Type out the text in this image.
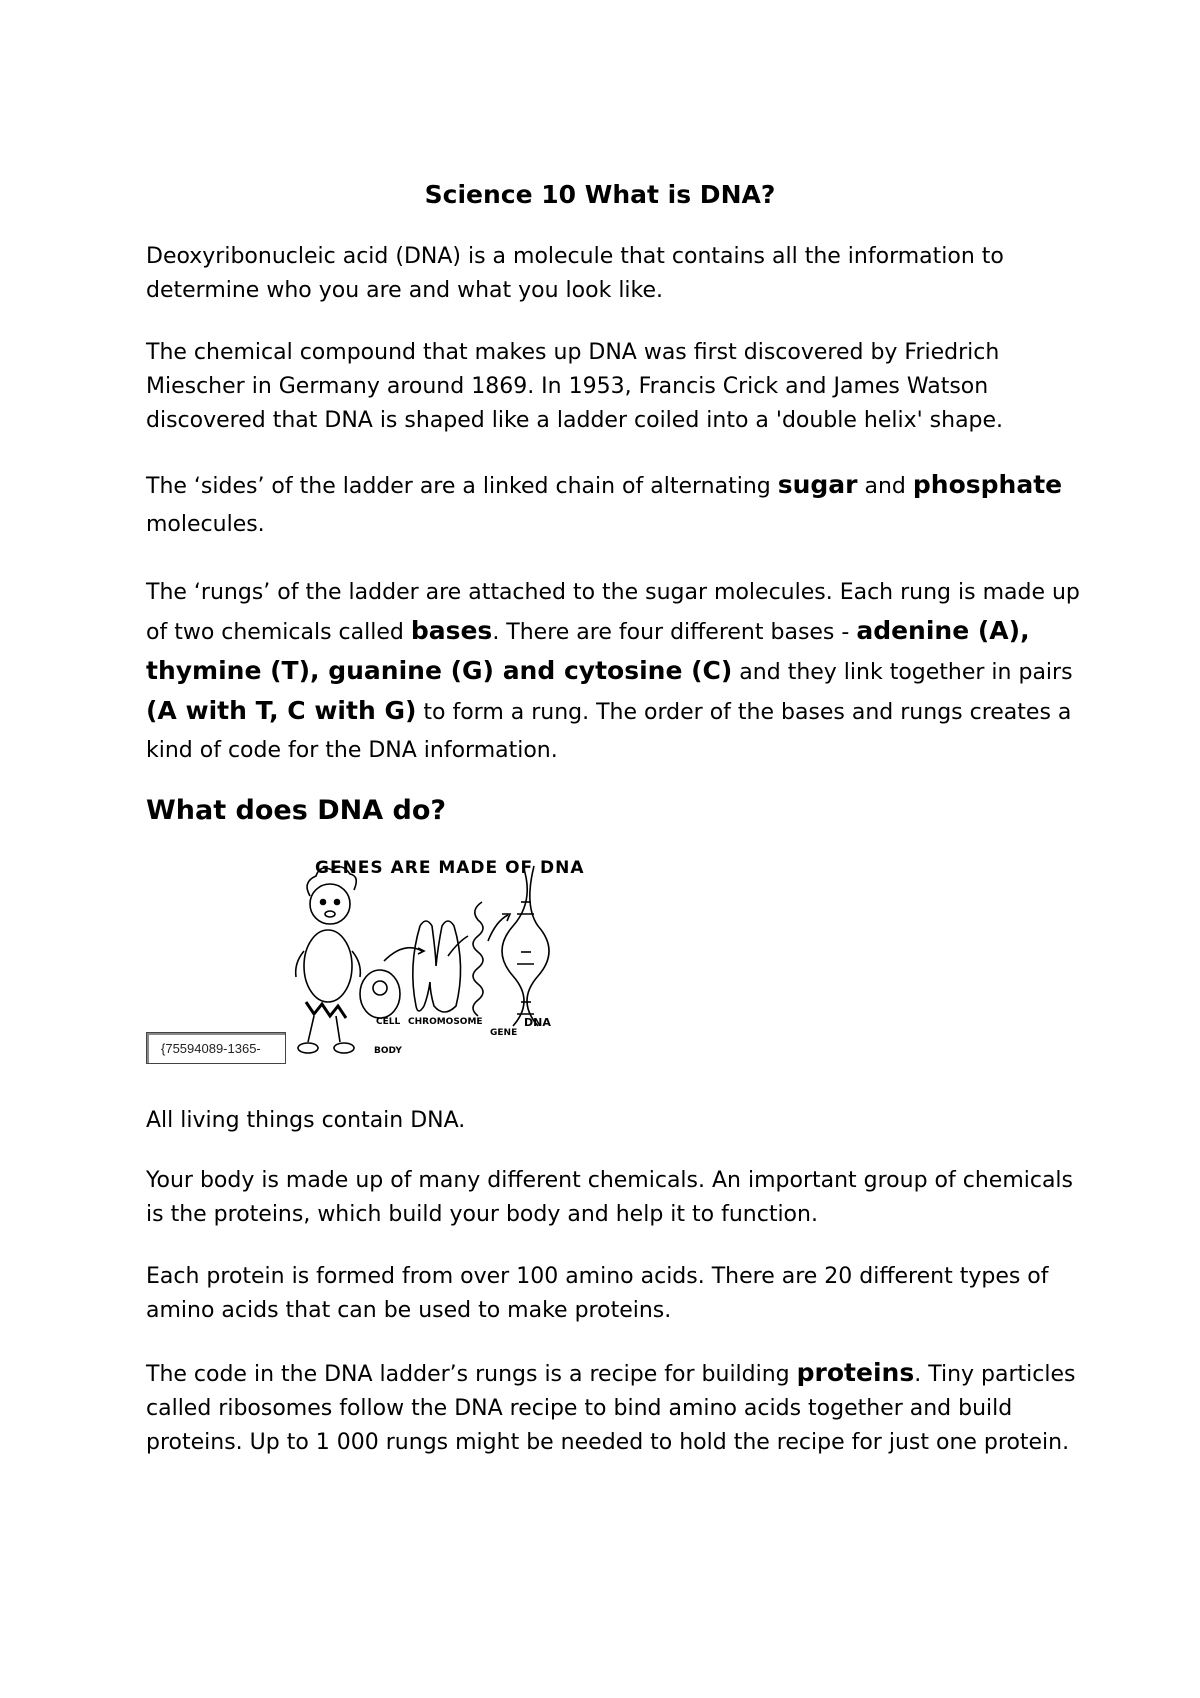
Science 10 What is DNA?

Deoxyribonucleic acid (DNA) is a molecule that contains all the information to determine who you are and what you look like.

The chemical compound that makes up DNA was first discovered by Friedrich Miescher in Germany around 1869. In 1953, Francis Crick and James Watson discovered that DNA is shaped like a ladder coiled into a 'double helix' shape.

The ‘sides’ of the ladder are a linked chain of alternating sugar and phosphate molecules.

The ‘rungs’ of the ladder are attached to the sugar molecules. Each rung is made up of two chemicals called bases. There are four different bases - adenine (A), thymine (T), guanine (G) and cytosine (C) and they link together in pairs (A with T, C with G) to form a rung. The order of the bases and rungs creates a kind of code for the DNA information.

What does DNA do?
GENES ARE MADE OF DNA
CELL CHROMOSOME
GENE
DNA
BODY
{75594089-1365-

All living things contain DNA.

Your body is made up of many different chemicals. An important group of chemicals is the proteins, which build your body and help it to function.

Each protein is formed from over 100 amino acids. There are 20 different types of amino acids that can be used to make proteins.

The code in the DNA ladder’s rungs is a recipe for building proteins. Tiny particles called ribosomes follow the DNA recipe to bind amino acids together and build proteins. Up to 1 000 rungs might be needed to hold the recipe for just one protein.
